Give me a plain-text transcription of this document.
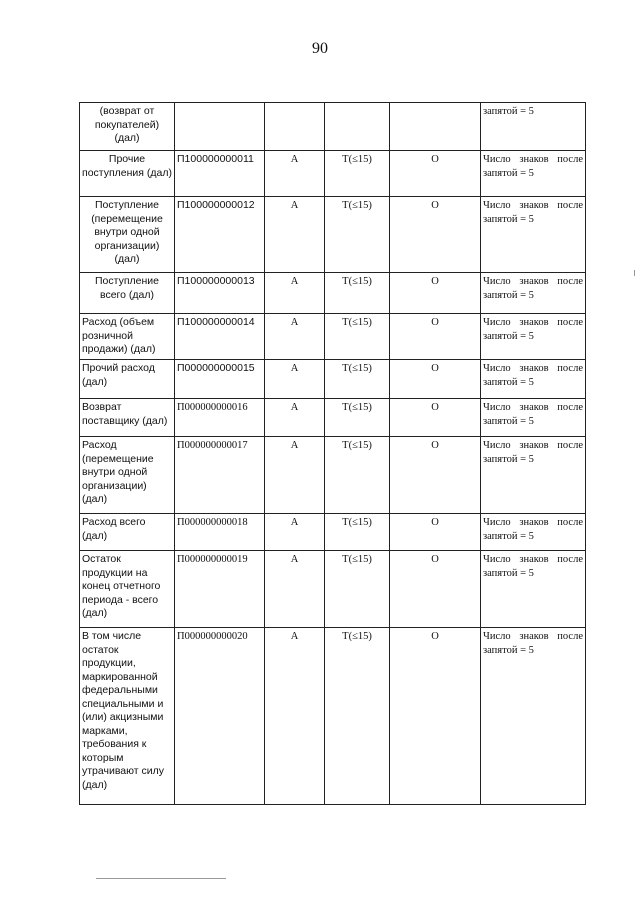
90
(возврат от покупателей) (дал)					запятой = 5
Прочие поступления (дал)	П100000000011	А	Т(≤15)	О	Число знаков после запятой = 5
Поступление (перемещение внутри одной организации) (дал)	П100000000012	А	Т(≤15)	О	Число знаков после запятой = 5
Поступление всего (дал)	П100000000013	А	Т(≤15)	О	Число знаков после запятой = 5
Расход (объем розничной продажи) (дал)	П100000000014	А	Т(≤15)	О	Число знаков после запятой = 5
Прочий расход (дал)	П000000000015	А	Т(≤15)	О	Число знаков после запятой = 5
Возврат поставщику (дал)	П000000000016	А	Т(≤15)	О	Число знаков после запятой = 5
Расход (перемещение внутри одной организации) (дал)	П000000000017	А	Т(≤15)	О	Число знаков после запятой = 5
Расход всего (дал)	П000000000018	А	Т(≤15)	О	Число знаков после запятой = 5
Остаток продукции на конец отчетного периода - всего (дал)	П000000000019	А	Т(≤15)	О	Число знаков после запятой = 5
В том числе остаток продукции, маркированной федеральными специальными и (или) акцизными марками, требования к которым утрачивают силу (дал)	П000000000020	А	Т(≤15)	О	Число знаков после запятой = 5
